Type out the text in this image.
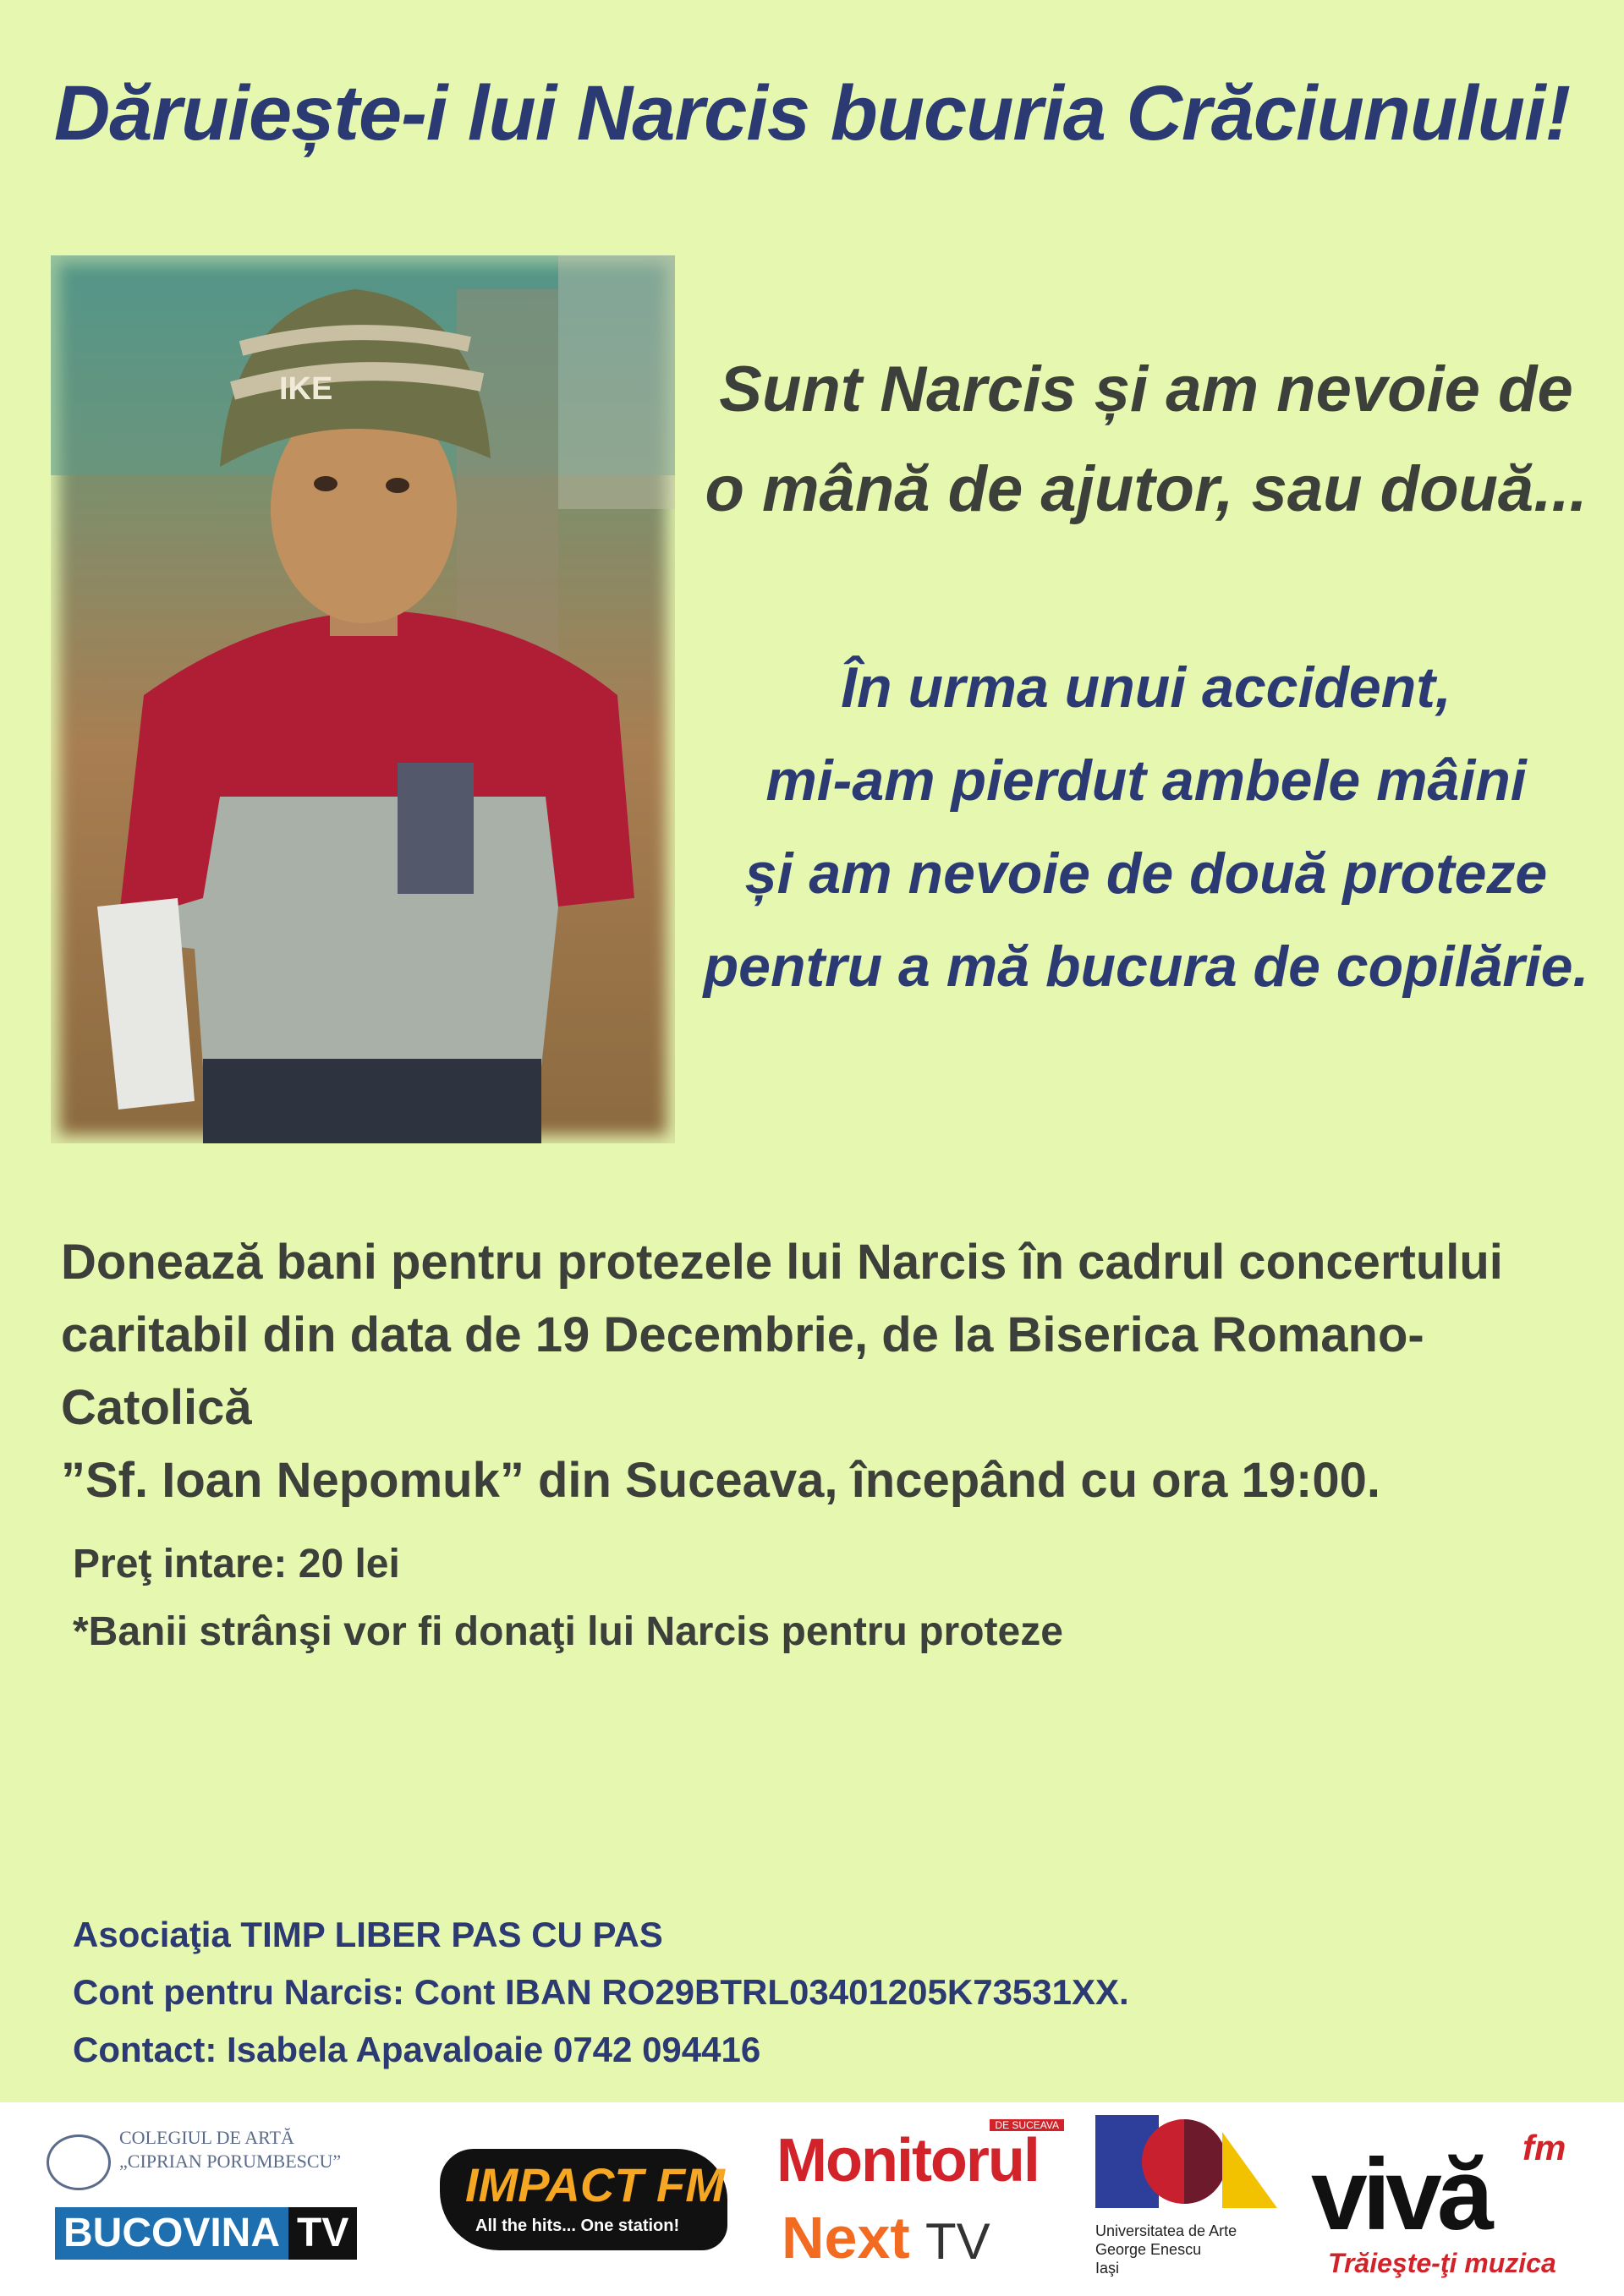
Dăruiește-i lui Narcis bucuria Crăciunului!
IKE	Sunt Narcis și am nevoie de
o mână de ajutor, sau două...
În urma unui accident,
mi-am pierdut ambele mâini
și am nevoie de două proteze
pentru a mă bucura de copilărie.
Donează bani pentru protezele lui Narcis în cadrul concertului
caritabil din data de 19 Decembrie, de la Biserica Romano-Catolică
”Sf. Ioan Nepomuk” din Suceava, începând cu ora 19:00.
Preţ intare: 20 lei
*Banii strânşi vor fi donaţi lui Narcis pentru proteze
Asociaţia TIMP LIBER PAS CU PAS
Cont pentru Narcis: Cont IBAN RO29BTRL03401205K73531XX.
Contact: Isabela Apavaloaie 0742 094416
COLEGIUL DE ARTĂ
„CIPRIAN PORUMBESCU”
BUCOVINA TV
IMPACT FM
All the hits... One station!
DE SUCEAVA
Monitorul
Next TV	Universitatea de Arte
George Enescu
Iaşi
vivă fm
Trăieşte-ţi muzica
